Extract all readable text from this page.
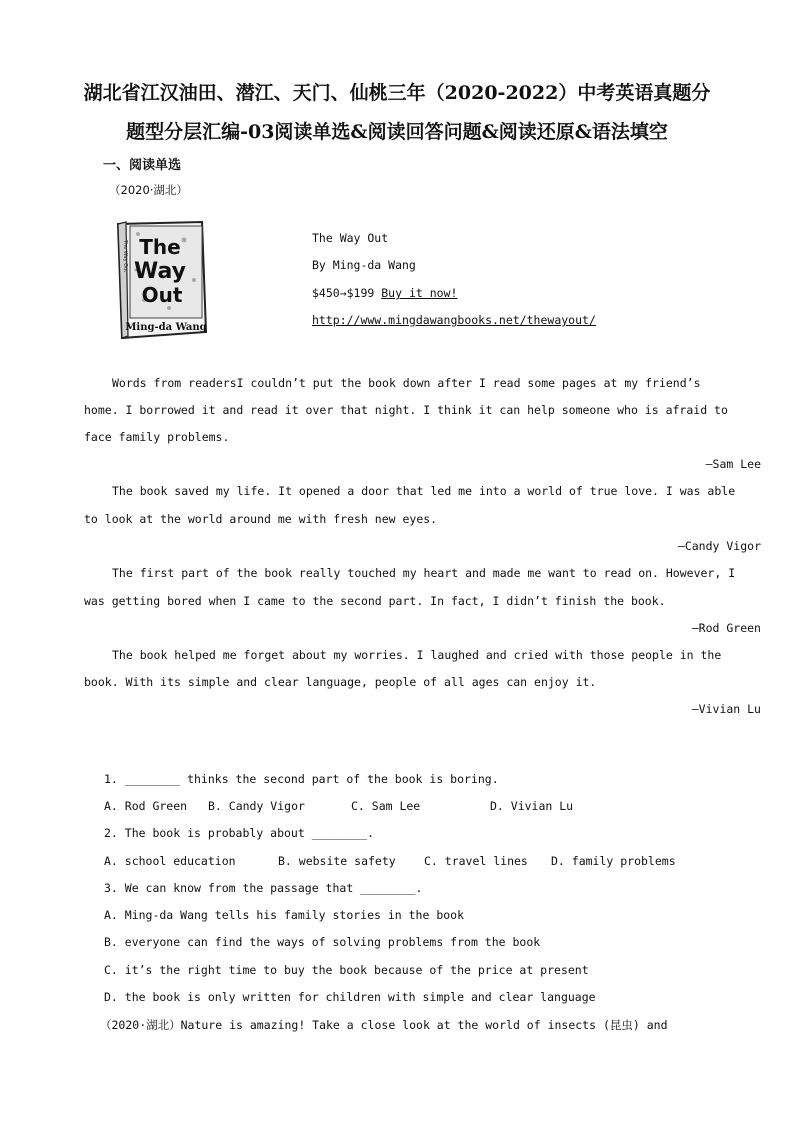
湖北省江汉油田、潜江、天门、仙桃三年（2020-2022）中考英语真题分
题型分层汇编-03阅读单选&阅读回答问题&阅读还原&语法填空
一、阅读单选
（2020·湖北）
The
Way
Out
Ming-da Wang
The Way Out
The Way Out
By Ming-da Wang
$450→$199 Buy it now!
http://www.mingdawangbooks.net/thewayout/
Words from readersI couldn’t put the book down after I read some pages at my friend’s
home. I borrowed it and read it over that night. I think it can help someone who is afraid to
face family problems.
—Sam Lee
The book saved my life. It opened a door that led me into a world of true love. I was able
to look at the world around me with fresh new eyes.
—Candy Vigor
The first part of the book really touched my heart and made me want to read on. However, I
was getting bored when I came to the second part. In fact, I didn’t finish the book.
—Rod Green
The book helped me forget about my worries. I laughed and cried with those people in the
book. With its simple and clear language, people of all ages can enjoy it.
—Vivian Lu
1. ________ thinks the second part of the book is boring.
A. Rod Green B. Candy Vigor	C. Sam Lee	D. Vivian Lu
2. The book is probably about ________.
A. school education	B. website safety C. travel lines D. family problems
3. We can know from the passage that ________.
A. Ming-da Wang tells his family stories in the book
B. everyone can find the ways of solving problems from the book
C. it’s the right time to buy the book because of the price at present
D. the book is only written for children with simple and clear language
（2020·湖北）Nature is amazing! Take a close look at the world of insects (昆虫) and
